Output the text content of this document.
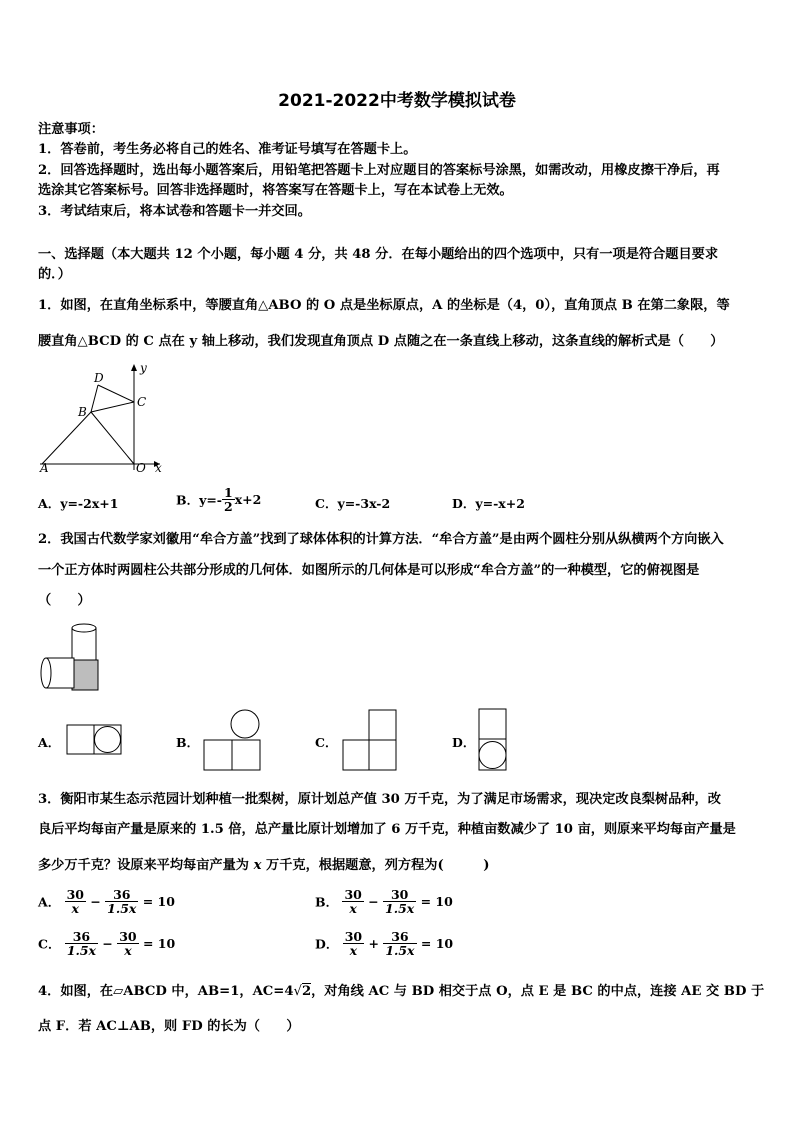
2021-2022中考数学模拟试卷
注意事项：
1．答卷前，考生务必将自己的姓名、准考证号填写在答题卡上。
2．回答选择题时，选出每小题答案后，用铅笔把答题卡上对应题目的答案标号涂黑，如需改动，用橡皮擦干净后，再
选涂其它答案标号。回答非选择题时，将答案写在答题卡上，写在本试卷上无效。
3．考试结束后，将本试卷和答题卡一并交回。
一、选择题（本大题共 12 个小题，每小题 4 分，共 48 分．在每小题给出的四个选项中，只有一项是符合题目要求
的．）
1．如图，在直角坐标系中，等腰直角△ABO 的 O 点是坐标原点，A 的坐标是（4，0），直角顶点 B 在第二象限，等
腰直角△BCD 的 C 点在 y 轴上移动，我们发现直角顶点 D 点随之在一条直线上移动，这条直线的解析式是（　　）
D
C
B
A	O x
y
A．y=-2x+1	B．$y=- \frac{1}{2} x+2$	C．y=-3x-2	D．y=-x+2
2．我国古代数学家刘徽用“牟合方盖”找到了球体体积的计算方法．“牟合方盖”是由两个圆柱分别从纵横两个方向嵌入
一个正方体时两圆柱公共部分形成的几何体．如图所示的几何体是可以形成“牟合方盖”的一种模型，它的俯视图是
（　　）
A．	B．	C．	D．
3．衡阳市某生态示范园计划种植一批梨树，原计划总产值 30 万千克，为了满足市场需求，现决定改良梨树品种，改
良后平均每亩产量是原来的 1.5 倍，总产量比原计划增加了 6 万千克，种植亩数减少了 10 亩，则原来平均每亩产量是
多少万千克？设原来平均每亩产量为 x 万千克，根据题意，列方程为(　　　)
A． $\frac{30}{x} - \frac{36}{1.5x} = 10$	B． $\frac{30}{x} - \frac{30}{1.5x} = 10$
C． $\frac{36}{1.5x} - \frac{30}{x} = 10$	D． $\frac{30}{x} + \frac{36}{1.5x} = 10$
4．如图，在▱ABCD 中，AB=1，AC=4√2，对角线 AC 与 BD 相交于点 O，点 E 是 BC 的中点，连接 AE 交 BD 于
点 F．若 AC⊥AB，则 FD 的长为（　　）
